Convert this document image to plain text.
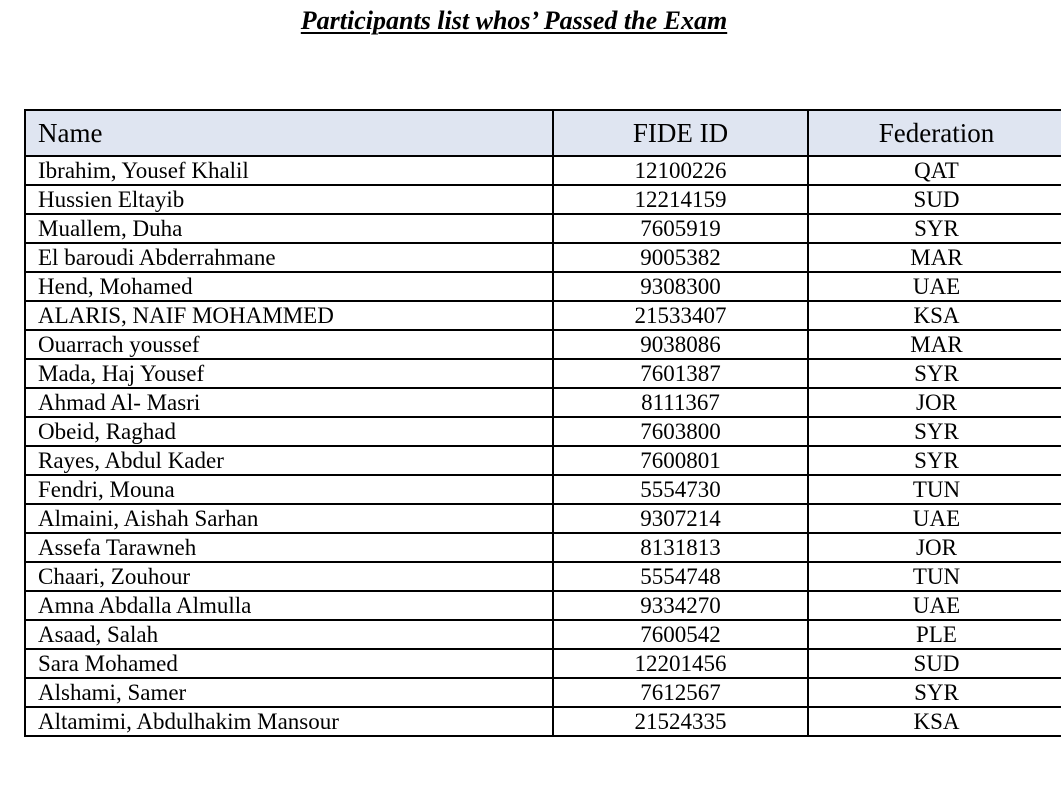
Participants list whos’ Passed the Exam
Name	FIDE ID	Federation
Ibrahim, Yousef Khalil	12100226	QAT
Hussien Eltayib	12214159	SUD
Muallem, Duha	7605919	SYR
El baroudi Abderrahmane	9005382	MAR
Hend, Mohamed	9308300	UAE
ALARIS, NAIF MOHAMMED	21533407	KSA
Ouarrach youssef	9038086	MAR
Mada, Haj Yousef	7601387	SYR
Ahmad Al- Masri	8111367	JOR
Obeid, Raghad	7603800	SYR
Rayes, Abdul Kader	7600801	SYR
Fendri, Mouna	5554730	TUN
Almaini, Aishah Sarhan	9307214	UAE
Assefa Tarawneh	8131813	JOR
Chaari, Zouhour	5554748	TUN
Amna Abdalla Almulla	9334270	UAE
Asaad, Salah	7600542	PLE
Sara Mohamed	12201456	SUD
Alshami, Samer	7612567	SYR
Altamimi, Abdulhakim Mansour	21524335	KSA
